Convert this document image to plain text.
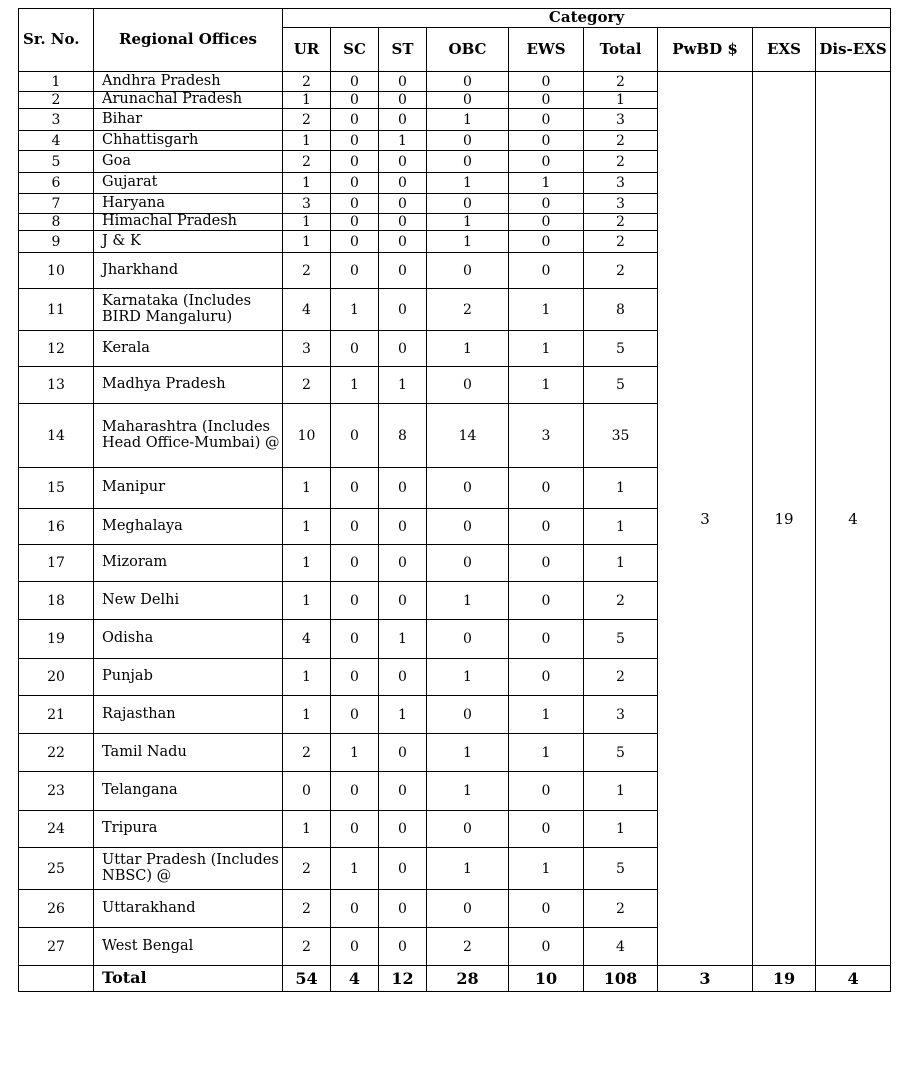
Sr. No.	Regional Offices	Category								
		UR	SC	ST	OBC	EWS	Total	PwBD $	EXS	Dis-EXS
1	Andhra Pradesh	2	0	0	0	0	2	3	19	4
2	Arunachal Pradesh	1	0	0	0	0	1			
3	Bihar	2	0	0	1	0	3			
4	Chhattisgarh	1	0	1	0	0	2			
5	Goa	2	0	0	0	0	2			
6	Gujarat	1	0	0	1	1	3			
7	Haryana	3	0	0	0	0	3			
8	Himachal Pradesh	1	0	0	1	0	2			
9	J & K	1	0	0	1	0	2			
10	Jharkhand	2	0	0	0	0	2			
11	Karnataka (Includes BIRD Mangaluru)	4	1	0	2	1	8			
12	Kerala	3	0	0	1	1	5			
13	Madhya Pradesh	2	1	1	0	1	5			
14	Maharashtra (Includes Head Office-Mumbai) @	10	0	8	14	3	35			
15	Manipur	1	0	0	0	0	1			
16	Meghalaya	1	0	0	0	0	1			
17	Mizoram	1	0	0	0	0	1			
18	New Delhi	1	0	0	1	0	2			
19	Odisha	4	0	1	0	0	5			
20	Punjab	1	0	0	1	0	2			
21	Rajasthan	1	0	1	0	1	3			
22	Tamil Nadu	2	1	0	1	1	5			
23	Telangana	0	0	0	1	0	1			
24	Tripura	1	0	0	0	0	1			
25	Uttar Pradesh (Includes NBSC) @	2	1	0	1	1	5			
26	Uttarakhand	2	0	0	0	0	2			
27	West Bengal	2	0	0	2	0	4			
	Total	54	4	12	28	10	108	3	19	4
